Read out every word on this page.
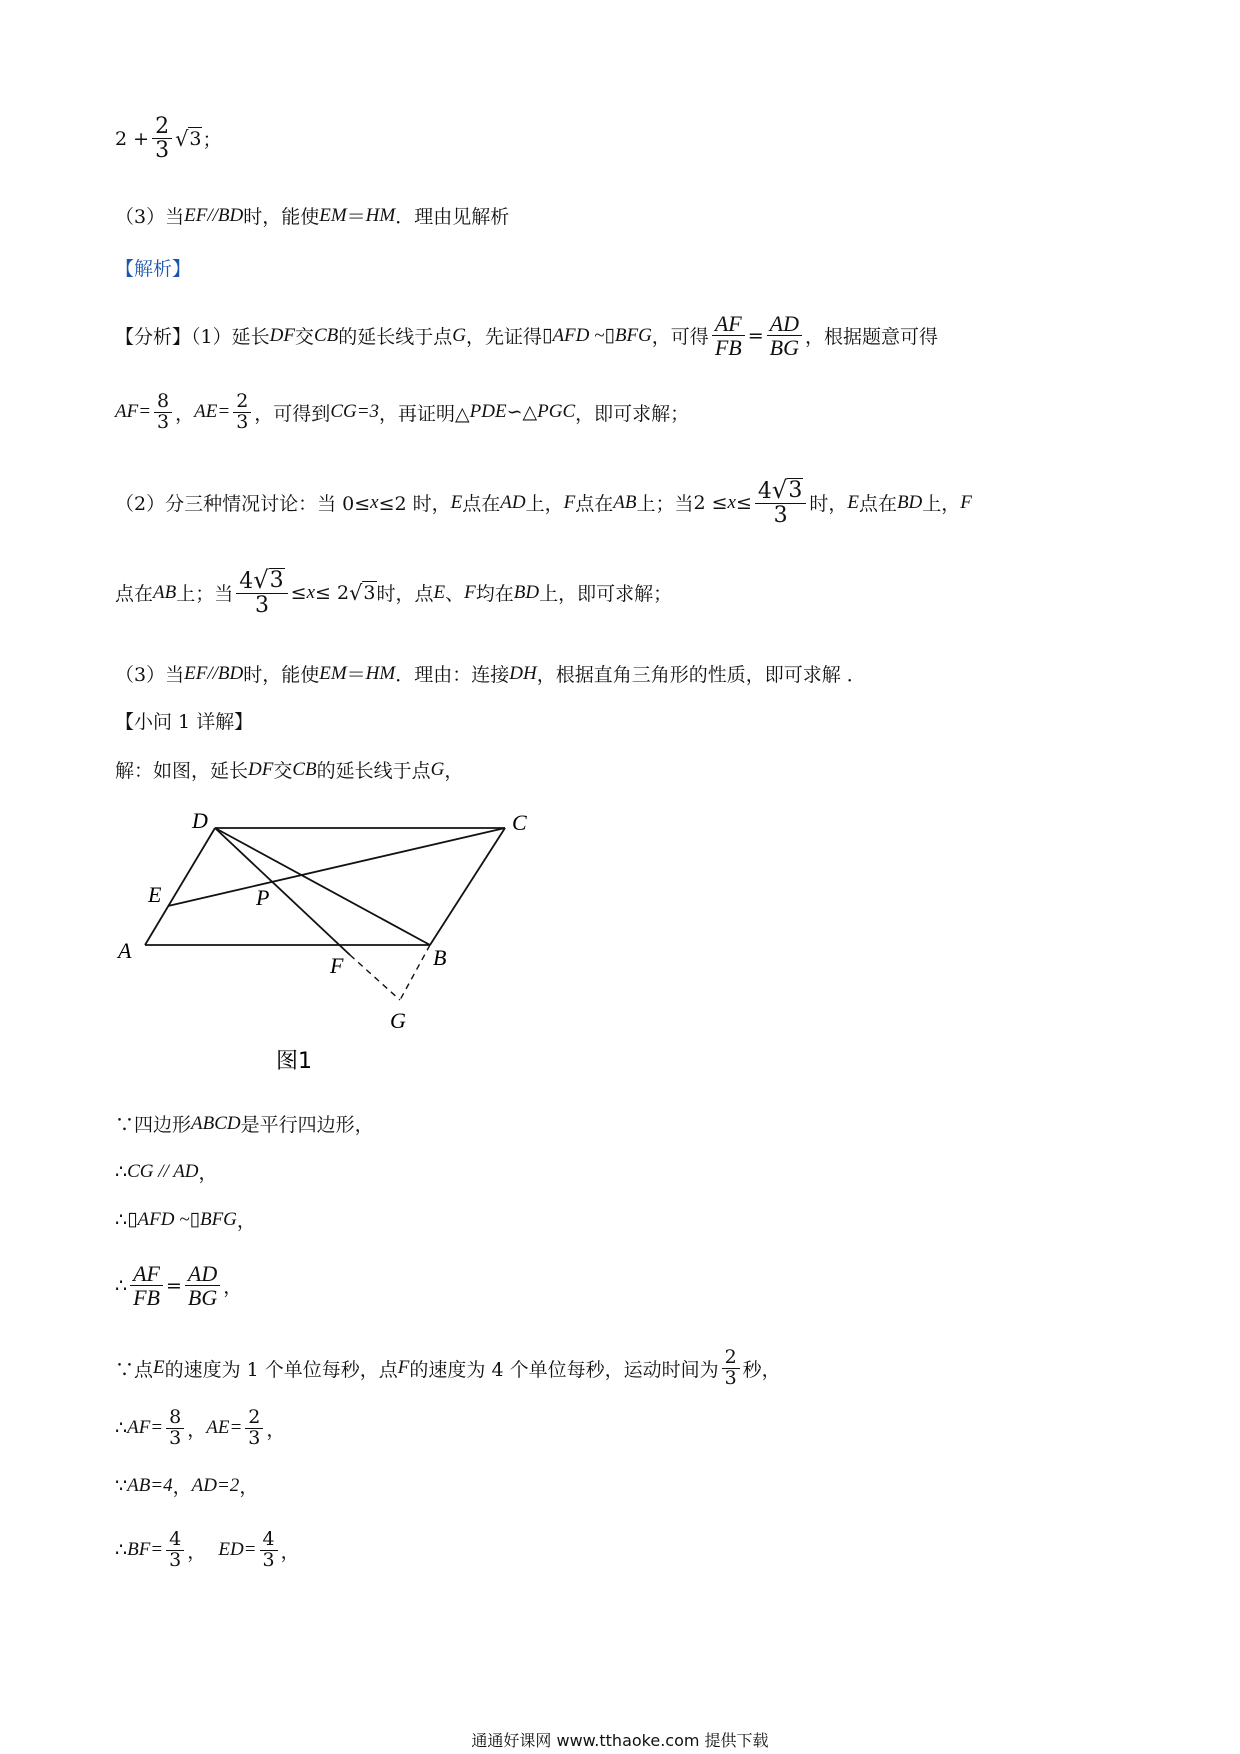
$2 + \frac{2}{3}$ √ 3 ；
（3）当 EF // BD 时，能使 EM ＝ HM ．理由见解析
【解析】
【分析】（1）延长 DF 交 CB 的延长线于点 G ，先证得 ▯AFD ~▯BFG ，可得 $\frac{AF}{FB} = \frac{AD}{BG}$ ，根据题意可得
$AF= \frac{8}{3}$ ， $AE= \frac{2}{3}$ ，可得到 CG=3 ，再证明△ PDE ∽△ PGC ，即可求解；
（2）分三种情况讨论：当 0≤ x ≤2 时， E 点在 AD 上， F 点在 AB 上；当 $2 \le x \le \frac{4 √ 3}{3}$ 时， E 点在 BD 上， F
点在 AB 上；当 $\frac{4 √ 3}{3} \le x \le 2$ √ 3 时，点 E 、 F 均在 BD 上，即可求解；
（3）当 EF // BD 时，能使 EM ＝ HM ．理由：连接 DH ，根据直角三角形的性质，即可求解 ．
【小问 1 详解】
解：如图，延长 DF 交 CB 的延长线于点 G ，
D	C
E	P
A
F	B
G
图1
∵四边形 ABCD 是平行四边形，
∴ CG // AD ，
∴ ▯AFD ~▯BFG ，
∴ $\frac{AF}{FB} = \frac{AD}{BG}$ ，
∵点 E 的速度为 1 个单位每秒，点 F 的速度为 4 个单位每秒，运动时间为 $\frac{2}{3}$ 秒，
∴ $AF= \frac{8}{3}$ ， $AE= \frac{2}{3}$ ，
∵ AB=4 ， AD=2 ，
∴ $BF= \frac{4}{3}$ ，
$ED= \frac{4}{3}$ ，
通通好课网 www.tthaoke.com 提供下载
